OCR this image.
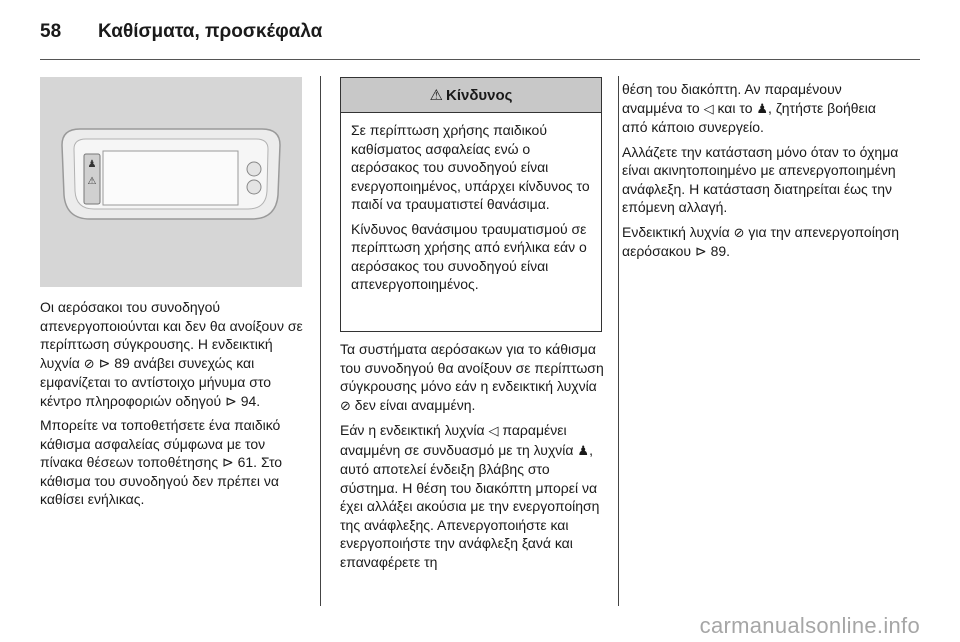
58	Καθίσματα, προσκέφαλα
♟
⚠

Οι αερόσακοι του συνοδηγού απενεργοποιούνται και δεν θα ανοίξουν σε περίπτωση σύγκρουσης. Η ενδεικτική λυχνία ⊘ ⊳ 89 ανάβει συνεχώς και εμφανίζεται το αντίστοιχο μήνυμα στο κέντρο πληροφοριών οδηγού ⊳ 94.

Μπορείτε να τοποθετήσετε ένα παιδικό κάθισμα ασφαλείας σύμφωνα με τον πίνακα θέσεων τοποθέτησης ⊳ 61. Στο κάθισμα του συνοδηγού δεν πρέπει να καθίσει ενήλικας.

⚠ Κίνδυνος

Σε περίπτωση χρήσης παιδικού καθίσματος ασφαλείας ενώ ο αερόσακος του συνοδηγού είναι ενεργοποιημένος, υπάρχει κίνδυνος το παιδί να τραυματιστεί θανάσιμα.

Κίνδυνος θανάσιμου τραυματισμού σε περίπτωση χρήσης από ενήλικα εάν ο αερόσακος του συνοδηγού είναι απενεργοποιημένος.

Τα συστήματα αερόσακων για το κάθισμα του συνοδηγού θα ανοίξουν σε περίπτωση σύγκρουσης μόνο εάν η ενδεικτική λυχνία ⊘ δεν είναι αναμμένη.

Εάν η ενδεικτική λυχνία ◁ παραμένει αναμμένη σε συνδυασμό με τη λυχνία ♟, αυτό αποτελεί ένδειξη βλάβης στο σύστημα. Η θέση του διακόπτη μπορεί να έχει αλλάξει ακούσια με την ενεργοποίηση της ανάφλεξης. Απενεργοποιήστε και ενεργοποιήστε την ανάφλεξη ξανά και επαναφέρετε τη

θέση του διακόπτη. Αν παραμένουν αναμμένα το ◁ και το ♟, ζητήστε βοήθεια από κάποιο συνεργείο.

Αλλάζετε την κατάσταση μόνο όταν το όχημα είναι ακινητοποιημένο με απενεργοποιημένη ανάφλεξη. Η κατάσταση διατηρείται έως την επόμενη αλλαγή.

Ενδεικτική λυχνία ⊘ για την απενεργοποίηση αερόσακου ⊳ 89.

carmanualsonline.info
